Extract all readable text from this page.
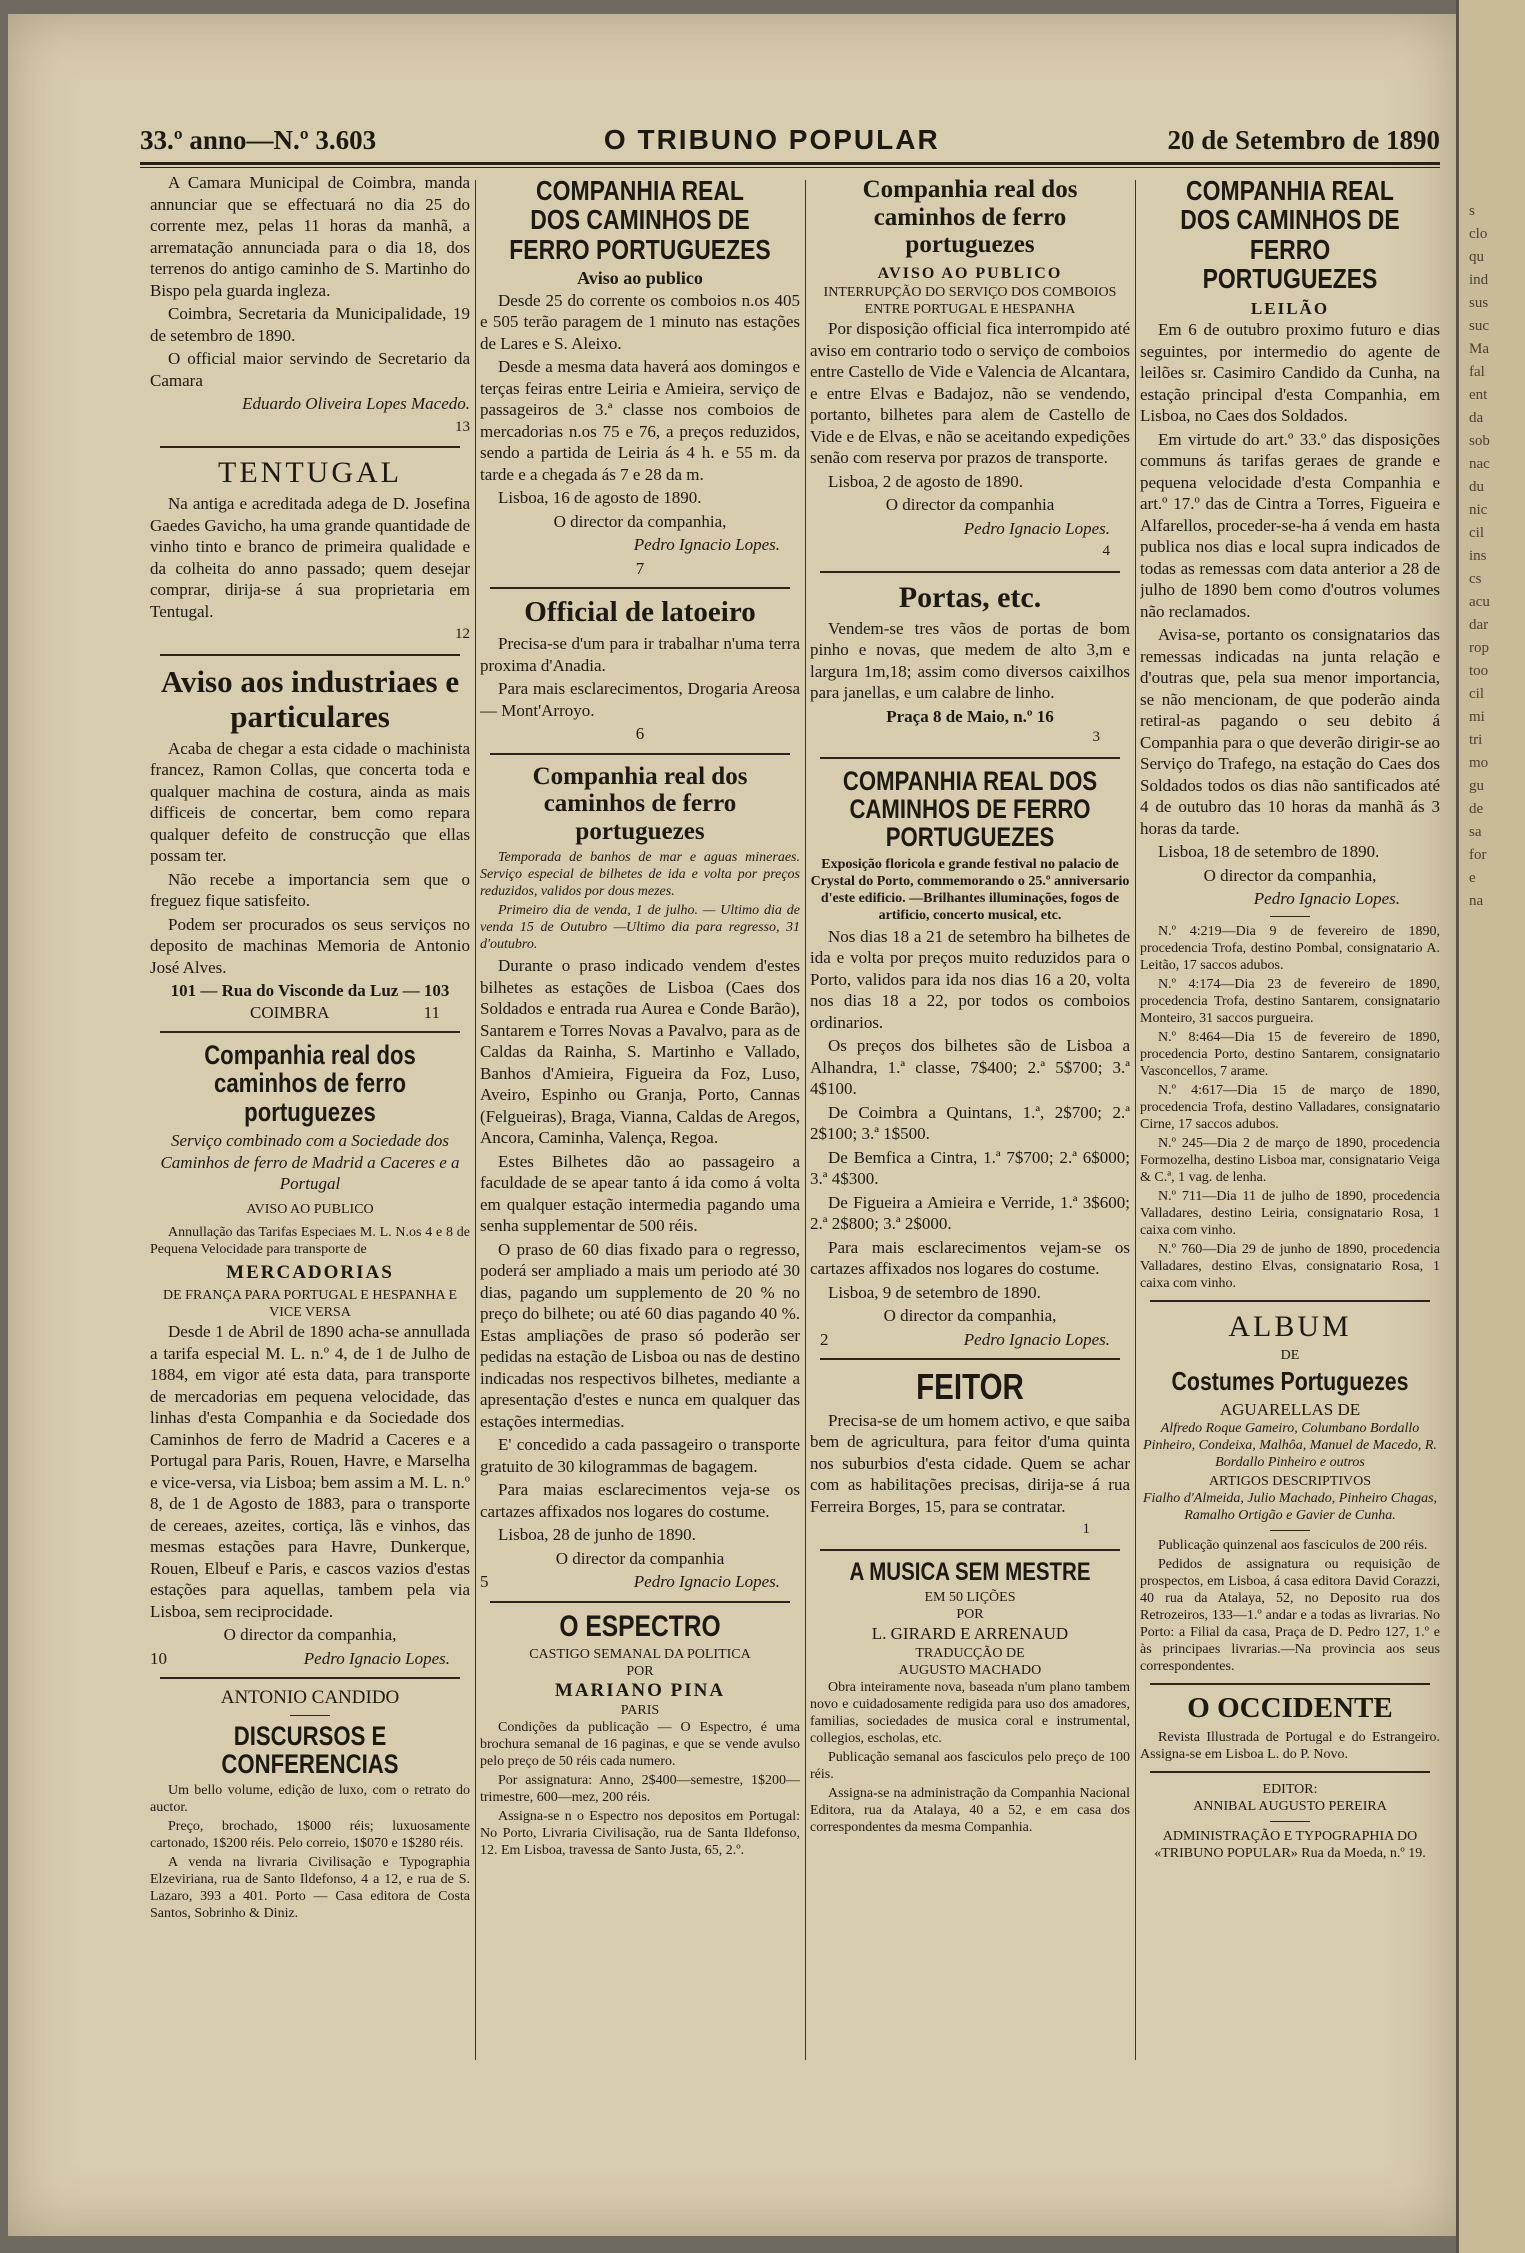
s
clo
qu
ind
sus
suc
Ma
fal
ent
da
sob
nac
du
nic
cil
ins
cs
acu
dar
rop
too
cil
mi
tri
mo
gu
de
sa
for
e
na
33.º anno—N.º 3.603	O TRIBUNO POPULAR	20 de Setembro de 1890

A Camara Municipal de Coimbra, manda annunciar que se effectuará no dia 25 do corrente mez, pelas 11 horas da manhã, a arrematação annunciada para o dia 18, dos terrenos do antigo caminho de S. Martinho do Bispo pela guarda ingleza.

Coimbra, Secretaria da Municipalidade, 19 de setembro de 1890.

O official maior servindo de Secretario da Camara

Eduardo Oliveira Lopes Macedo.

13
TENTUGAL

Na antiga e acreditada adega de D. Josefina Gaedes Gavicho, ha uma grande quantidade de vinho tinto e branco de primeira qualidade e da colheita do anno passado; quem desejar comprar, dirija-se á sua proprietaria em Tentugal.

12
Aviso aos industriaes e particulares

Acaba de chegar a esta cidade o machinista francez, Ramon Collas, que concerta toda e qualquer machina de costura, ainda as mais difficeis de concertar, bem como repara qualquer defeito de construcção que ellas possam ter.

Não recebe a importancia sem que o freguez fique satisfeito.

Podem ser procurados os seus serviços no deposito de machinas Memoria de Antonio José Alves.

101 — Rua do Visconde da Luz — 103
COIMBRA	11
Companhia real dos caminhos de ferro portuguezes

Serviço combinado com a Sociedade dos Caminhos de ferro de Madrid a Caceres e a Portugal

AVISO AO PUBLICO

Annullação das Tarifas Especiaes M. L. N.os 4 e 8 de Pequena Velocidade para transporte de

MERCADORIAS
DE FRANÇA PARA PORTUGAL E HESPANHA E VICE VERSA

Desde 1 de Abril de 1890 acha-se annullada a tarifa especial M. L. n.º 4, de 1 de Julho de 1884, em vigor até esta data, para transporte de mercadorias em pequena velocidade, das linhas d'esta Companhia e da Sociedade dos Caminhos de ferro de Madrid a Caceres e a Portugal para Paris, Rouen, Havre, e Marselha e vice-versa, via Lisboa; bem assim a M. L. n.º 8, de 1 de Agosto de 1883, para o transporte de cereaes, azeites, cortiça, lãs e vinhos, das mesmas estações para Havre, Dunkerque, Rouen, Elbeuf e Paris, e cascos vazios d'estas estações para aquellas, tambem pela via Lisboa, sem reciprocidade.

O director da companhia,

10	Pedro Ignacio Lopes.
ANTONIO CANDIDO
DISCURSOS E CONFERENCIAS

Um bello volume, edição de luxo, com o retrato do auctor.

Preço, brochado, 1$000 réis; luxuosamente cartonado, 1$200 réis. Pelo correio, 1$070 e 1$280 réis.

A venda na livraria Civilisação e Typographia Elzeviriana, rua de Santo Ildefonso, 4 a 12, e rua de S. Lazaro, 393 a 401. Porto — Casa editora de Costa Santos, Sobrinho & Diniz.

COMPANHIA REAL DOS CAMINHOS DE FERRO PORTUGUEZES
Aviso ao publico

Desde 25 do corrente os comboios n.os 405 e 505 terão paragem de 1 minuto nas estações de Lares e S. Aleixo.

Desde a mesma data haverá aos domingos e terças feiras entre Leiria e Amieira, serviço de passageiros de 3.ª classe nos comboios de mercadorias n.os 75 e 76, a preços reduzidos, sendo a partida de Leiria ás 4 h. e 55 m. da tarde e a chegada ás 7 e 28 da m.

Lisboa, 16 de agosto de 1890.

O director da companhia,

Pedro Ignacio Lopes.

7
Official de latoeiro

Precisa-se d'um para ir trabalhar n'uma terra proxima d'Anadia.

Para mais esclarecimentos, Drogaria Areosa — Mont'Arroyo.

6
Companhia real dos caminhos de ferro portuguezes

Temporada de banhos de mar e aguas mineraes. Serviço especial de bilhetes de ida e volta por preços reduzidos, validos por dous mezes.

Primeiro dia de venda, 1 de julho. — Ultimo dia de venda 15 de Outubro —Ultimo dia para regresso, 31 d'outubro.

Durante o praso indicado vendem d'estes bilhetes as estações de Lisboa (Caes dos Soldados e entrada rua Aurea e Conde Barão), Santarem e Torres Novas a Pavalvo, para as de Caldas da Rainha, S. Martinho e Vallado, Banhos d'Amieira, Figueira da Foz, Luso, Aveiro, Espinho ou Granja, Porto, Cannas (Felgueiras), Braga, Vianna, Caldas de Aregos, Ancora, Caminha, Valença, Regoa.

Estes Bilhetes dão ao passageiro a faculdade de se apear tanto á ida como á volta em qualquer estação intermedia pagando uma senha supplementar de 500 réis.

O praso de 60 dias fixado para o regresso, poderá ser ampliado a mais um periodo até 30 dias, pagando um supplemento de 20 % no preço do bilhete; ou até 60 dias pagando 40 %. Estas ampliações de praso só poderão ser pedidas na estação de Lisboa ou nas de destino indicadas nos respectivos bilhetes, mediante a apresentação d'estes e nunca em qualquer das estações intermedias.

E' concedido a cada passageiro o transporte gratuito de 30 kilogrammas de bagagem.

Para maias esclarecimentos veja-se os cartazes affixados nos logares do costume.

Lisboa, 28 de junho de 1890.

O director da companhia

5	Pedro Ignacio Lopes.
O ESPECTRO
CASTIGO SEMANAL DA POLITICA
POR
MARIANO PINA
PARIS

Condições da publicação — O Espectro, é uma brochura semanal de 16 paginas, e que se vende avulso pelo preço de 50 réis cada numero.

Por assignatura: Anno, 2$400—semestre, 1$200—trimestre, 600—mez, 200 réis.

Assigna-se n o Espectro nos depositos em Portugal: No Porto, Livraria Civilisação, rua de Santa Ildefonso, 12. Em Lisboa, travessa de Santo Justa, 65, 2.º.

Companhia real dos caminhos de ferro portuguezes
AVISO AO PUBLICO
INTERRUPÇÃO DO SERVIÇO DOS COMBOIOS ENTRE PORTUGAL E HESPANHA

Por disposição official fica interrompido até aviso em contrario todo o serviço de comboios entre Castello de Vide e Valencia de Alcantara, e entre Elvas e Badajoz, não se vendendo, portanto, bilhetes para alem de Castello de Vide e de Elvas, e não se aceitando expedições senão com reserva por prazos de transporte.

Lisboa, 2 de agosto de 1890.

O director da companhia

Pedro Ignacio Lopes.

4
Portas, etc.

Vendem-se tres vãos de portas de bom pinho e novas, que medem de alto 3,m e largura 1m,18; assim como diversos caixilhos para janellas, e um calabre de linho.

Praça 8 de Maio, n.º 16
3
COMPANHIA REAL DOS CAMINHOS DE FERRO PORTUGUEZES

Exposição floricola e grande festival no palacio de Crystal do Porto, commemorando o 25.º anniversario d'este edificio. —Brilhantes illuminações, fogos de artificio, concerto musical, etc.

Nos dias 18 a 21 de setembro ha bilhetes de ida e volta por preços muito reduzidos para o Porto, validos para ida nos dias 16 a 20, volta nos dias 18 a 22, por todos os comboios ordinarios.

Os preços dos bilhetes são de Lisboa a Alhandra, 1.ª classe, 7$400; 2.ª 5$700; 3.ª 4$100.

De Coimbra a Quintans, 1.ª, 2$700; 2.ª 2$100; 3.ª 1$500.

De Bemfica a Cintra, 1.ª 7$700; 2.ª 6$000; 3.ª 4$300.

De Figueira a Amieira e Verride, 1.ª 3$600; 2.ª 2$800; 3.ª 2$000.

Para mais esclarecimentos vejam-se os cartazes affixados nos logares do costume.

Lisboa, 9 de setembro de 1890.

O director da companhia,

2	Pedro Ignacio Lopes.
FEITOR

Precisa-se de um homem activo, e que saiba bem de agricultura, para feitor d'uma quinta nos suburbios d'esta cidade. Quem se achar com as habilitações precisas, dirija-se á rua Ferreira Borges, 15, para se contratar.

1
A MUSICA SEM MESTRE
EM 50 LIÇÕES
POR
L. GIRARD E ARRENAUD
TRADUCÇÃO DE
AUGUSTO MACHADO

Obra inteiramente nova, baseada n'um plano tambem novo e cuidadosamente redigida para uso dos amadores, familias, sociedades de musica coral e instrumental, collegios, escholas, etc.

Publicação semanal aos fasciculos pelo preço de 100 réis.

Assigna-se na administração da Companhia Nacional Editora, rua da Atalaya, 40 a 52, e em casa dos correspondentes da mesma Companhia.

COMPANHIA REAL DOS CAMINHOS DE FERRO PORTUGUEZES
LEILÃO

Em 6 de outubro proximo futuro e dias seguintes, por intermedio do agente de leilões sr. Casimiro Candido da Cunha, na estação principal d'esta Companhia, em Lisboa, no Caes dos Soldados.

Em virtude do art.º 33.º das disposições communs ás tarifas geraes de grande e pequena velocidade d'esta Companhia e art.º 17.º das de Cintra a Torres, Figueira e Alfarellos, proceder-se-ha á venda em hasta publica nos dias e local supra indicados de todas as remessas com data anterior a 28 de julho de 1890 bem como d'outros volumes não reclamados.

Avisa-se, portanto os consignatarios das remessas indicadas na junta relação e d'outras que, pela sua menor importancia, se não mencionam, de que poderão ainda retiral-as pagando o seu debito á Companhia para o que deverão dirigir-se ao Serviço do Trafego, na estação do Caes dos Soldados todos os dias não santificados até 4 de outubro das 10 horas da manhã ás 3 horas da tarde.

Lisboa, 18 de setembro de 1890.

O director da companhia,

Pedro Ignacio Lopes.

N.º 4:219—Dia 9 de fevereiro de 1890, procedencia Trofa, destino Pombal, consignatario A. Leitão, 17 saccos adubos.

N.º 4:174—Dia 23 de fevereiro de 1890, procedencia Trofa, destino Santarem, consignatario Monteiro, 31 saccos purgueira.

N.º 8:464—Dia 15 de fevereiro de 1890, procedencia Porto, destino Santarem, consignatario Vasconcellos, 7 arame.

N.º 4:617—Dia 15 de março de 1890, procedencia Trofa, destino Valladares, consignatario Cirne, 17 saccos adubos.

N.º 245—Dia 2 de março de 1890, procedencia Formozelha, destino Lisboa mar, consignatario Veiga & C.ª, 1 vag. de lenha.

N.º 711—Dia 11 de julho de 1890, procedencia Valladares, destino Leiria, consignatario Rosa, 1 caixa com vinho.

N.º 760—Dia 29 de junho de 1890, procedencia Valladares, destino Elvas, consignatario Rosa, 1 caixa com vinho.

ALBUM
DE
Costumes Portuguezes
AGUARELLAS DE

Alfredo Roque Gameiro, Columbano Bordallo Pinheiro, Condeixa, Malhôa, Manuel de Macedo, R. Bordallo Pinheiro e outros

ARTIGOS DESCRIPTIVOS

Fialho d'Almeida, Julio Machado, Pinheiro Chagas, Ramalho Ortigão e Gavier de Cunha.

Publicação quinzenal aos fasciculos de 200 réis.

Pedidos de assignatura ou requisição de prospectos, em Lisboa, á casa editora David Corazzi, 40 rua da Atalaya, 52, no Deposito rua dos Retrozeiros, 133—1.º andar e a todas as livrarias. No Porto: a Filial da casa, Praça de D. Pedro 127, 1.º e às principaes livrarias.—Na provincia aos seus correspondentes.

O OCCIDENTE

Revista Illustrada de Portugal e do Estrangeiro. Assigna-se em Lisboa L. do P. Novo.

EDITOR:
ANNIBAL AUGUSTO PEREIRA
ADMINISTRAÇÃO E TYPOGRAPHIA DO «TRIBUNO POPULAR» Rua da Moeda, n.º 19.
